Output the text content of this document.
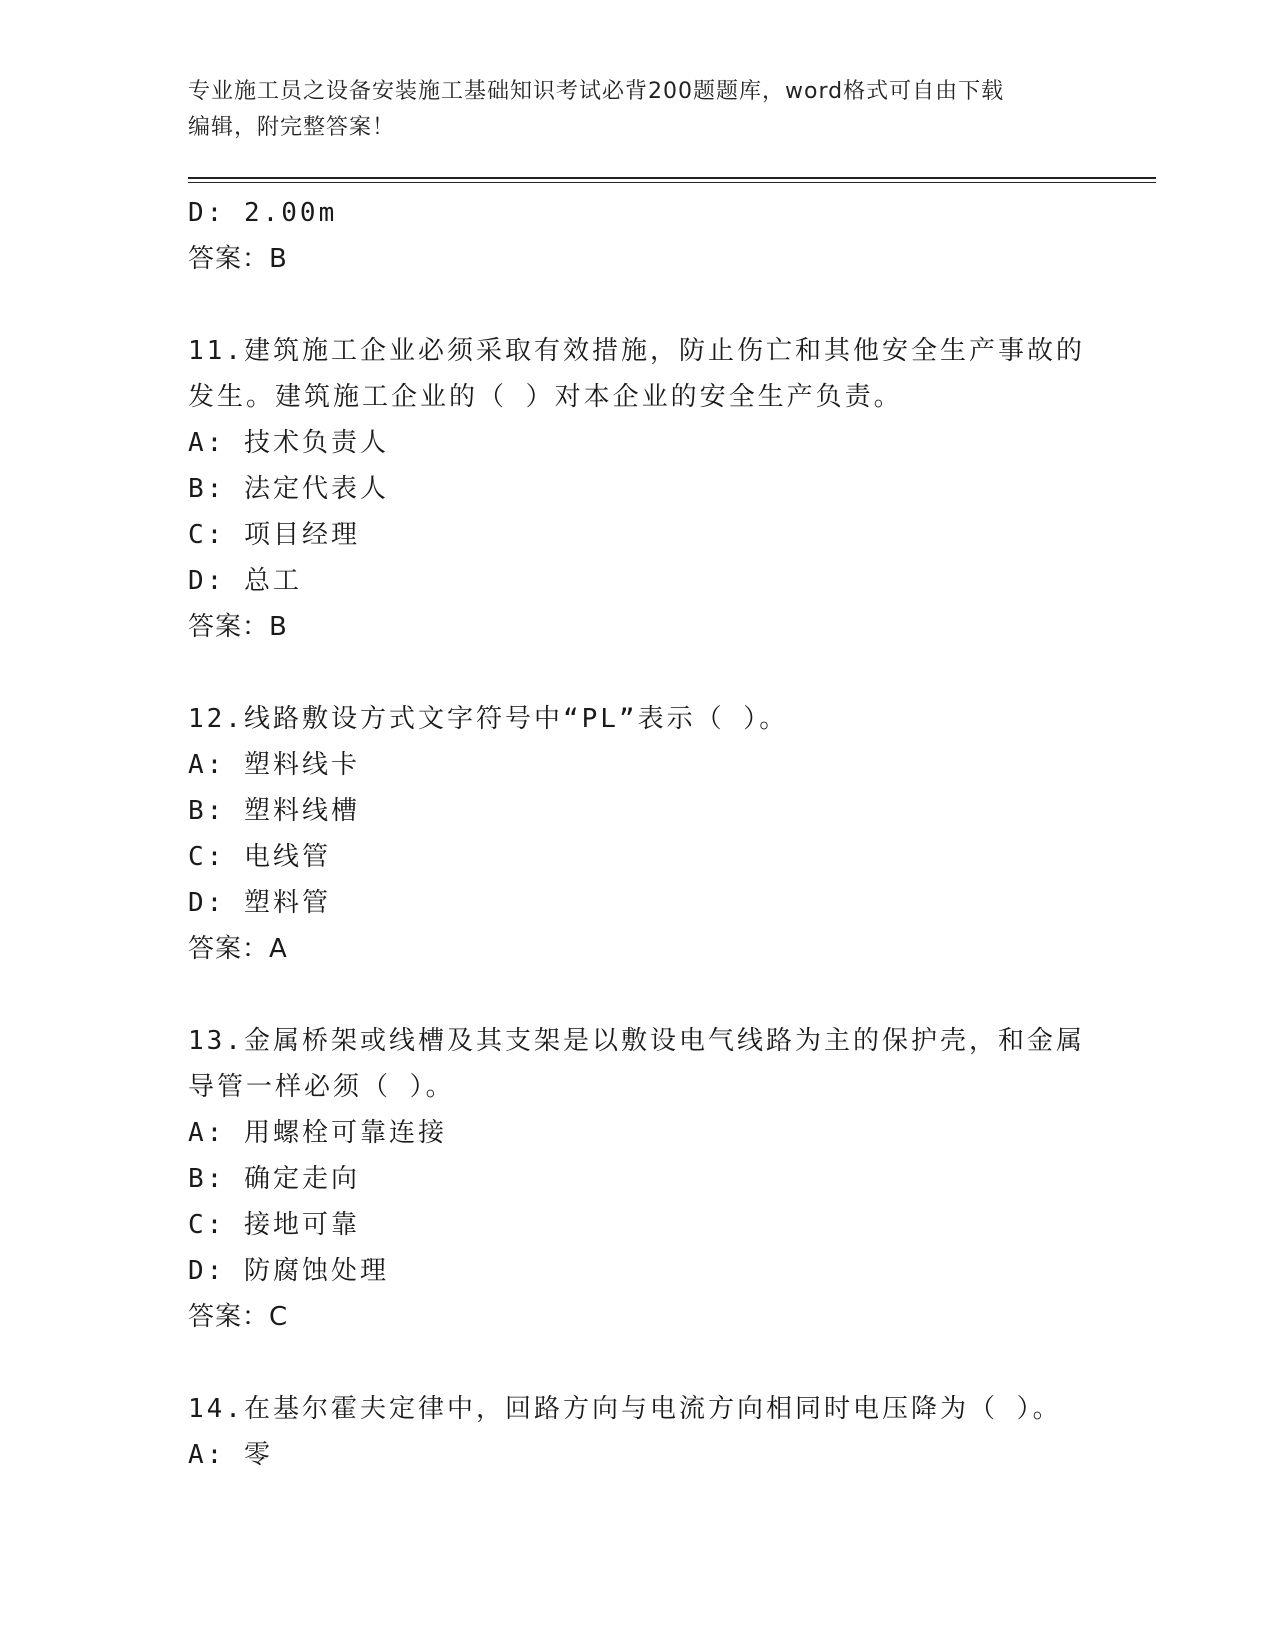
专业施工员之设备安装施工基础知识考试必背200题题库，word格式可自由下载
编辑，附完整答案！
D: 2.00m
答案：B
11.建筑施工企业必须采取有效措施，防止伤亡和其他安全生产事故的
发生。建筑施工企业的（ ）对本企业的安全生产负责。
A: 技术负责人
B: 法定代表人
C: 项目经理
D: 总工
答案：B
12.线路敷设方式文字符号中“PL”表示（ ）。
A: 塑料线卡
B: 塑料线槽
C: 电线管
D: 塑料管
答案：A
13.金属桥架或线槽及其支架是以敷设电气线路为主的保护壳，和金属
导管一样必须（ ）。
A: 用螺栓可靠连接
B: 确定走向
C: 接地可靠
D: 防腐蚀处理
答案：C
14.在基尔霍夫定律中，回路方向与电流方向相同时电压降为（ ）。
A: 零
